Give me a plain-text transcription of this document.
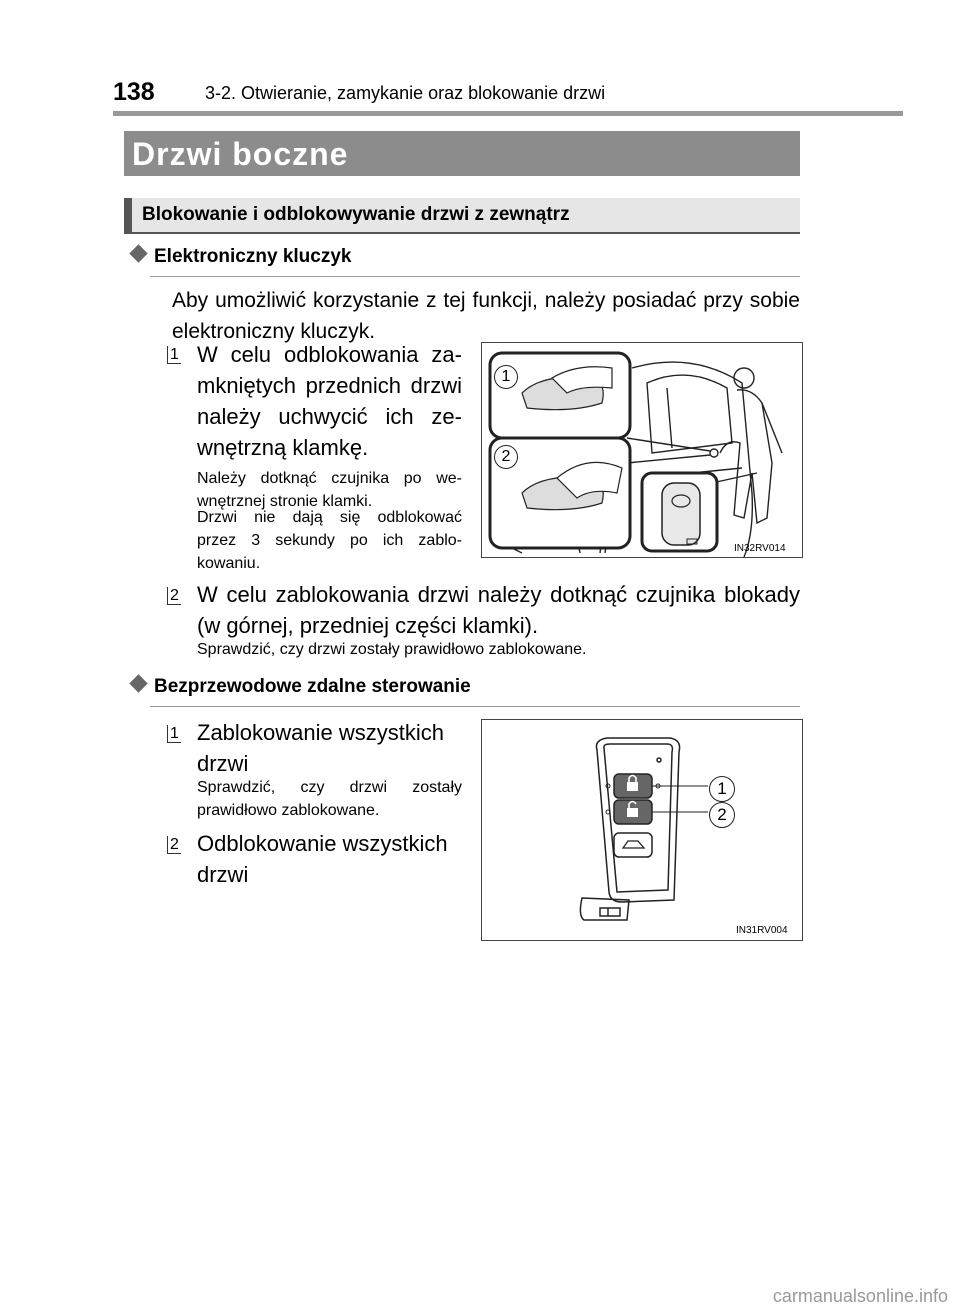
138	3-2. Otwieranie, zamykanie oraz blokowanie drzwi
Drzwi boczne
Blokowanie i odblokowywanie drzwi z zewnątrz
Elektroniczny kluczyk
Aby umożliwić korzystanie z tej funkcji, należy posiadać przy sobie
elektroniczny kluczyk.
1 W celu odblokowania za-
mkniętych przednich drzwi
należy uchwycić ich ze-
wnętrzną klamkę.
Należy dotknąć czujnika po we-
wnętrznej stronie klamki.
Drzwi nie dają się odblokować
przez 3 sekundy po ich zablo-
kowaniu.
1
2
IN32RV014
2 W celu zablokowania drzwi należy dotknąć czujnika blokady
(w górnej, przedniej części klamki).
Sprawdzić, czy drzwi zostały prawidłowo zablokowane.
Bezprzewodowe zdalne sterowanie
1 Zablokowanie wszystkich
drzwi
Sprawdzić, czy drzwi zostały
prawidłowo zablokowane.
2 Odblokowanie wszystkich
drzwi
1
2
IN31RV004
carmanualsonline.info
